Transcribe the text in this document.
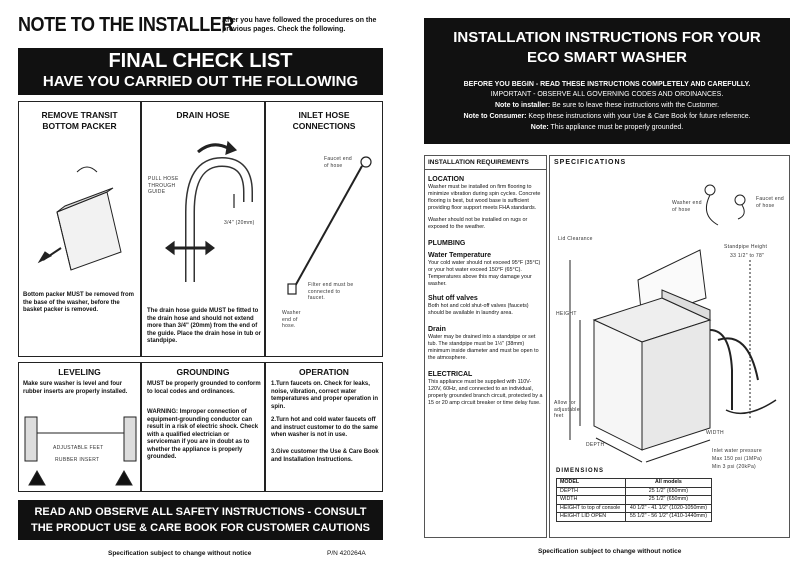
NOTE TO THE INSTALLER
After you have followed the procedures on the previous pages. Check the following.
FINAL CHECK LIST
HAVE YOU CARRIED OUT THE FOLLOWING
REMOVE TRANSIT BOTTOM PACKER
Bottom packer MUST be removed from the base of the washer, before the basket packer is removed.
DRAIN HOSE
PULL HOSE THROUGH GUIDE
3/4" (20mm)
The drain hose guide MUST be fitted to the drain hose and should not extend more than 3/4" (20mm) from the end of the guide. Place the drain hose in tub or standpipe.
INLET HOSE CONNECTIONS
Faucet end of hose
Filter end must be connected to faucet.
Washer end of hose.
LEVELING
Make sure washer is level and four rubber inserts are properly installed.
ADJUSTABLE FEET
RUBBER INSERT
GROUNDING
MUST be properly grounded to conform to local codes and ordinances.
WARNING: Improper connection of equipment-grounding conductor can result in a risk of electric shock. Check with a qualified electrician or serviceman if you are in doubt as to whether the appliance is properly grounded.
OPERATION
1.Turn faucets on. Check for leaks, noise, vibration, correct water temperatures and proper operation in spin.
2.Turn hot and cold water faucets off and instruct customer to do the same when washer is not in use.
3.Give customer the Use & Care Book and Installation Instructions.
READ AND OBSERVE ALL SAFETY INSTRUCTIONS - CONSULT
THE PRODUCT USE & CARE BOOK FOR CUSTOMER CAUTIONS
Specification subject to change without notice	P/N 420264A
INSTALLATION INSTRUCTIONS FOR YOUR
ECO SMART WASHER
BEFORE YOU BEGIN - READ THESE INSTRUCTIONS COMPLETELY AND CAREFULLY.
IMPORTANT - OBSERVE ALL GOVERNING CODES AND ORDINANCES.
Note to installer: Be sure to leave these instructions with the Customer.
Note to Consumer: Keep these instructions with your Use & Care Book for future reference.
Note: This appliance must be properly grounded.
INSTALLATION REQUIREMENTS
LOCATION
Washer must be installed on firm flooring to minimize vibration during spin cycles. Concrete flooring is best, but wood base is sufficient providing floor support meets FHA standards.
Washer should not be installed on rugs or exposed to the weather.
PLUMBING
Water Temperature
Your cold water should not exceed 95°F (35°C) or your hot water exceed 150°F (65°C). Temperatures above this may damage your washer.
Shut off valves
Both hot and cold shut-off valves (faucets) should be available in laundry area.
Drain
Water may be drained into a standpipe or set tub. The standpipe must be 1½" (38mm) minimum inside diameter and must be open to the atmosphere.
ELECTRICAL
This appliance must be supplied with 110V-120V, 60Hz, and connected to an individual, properly grounded branch circuit, protected by a 15 or 20 amp circuit breaker or time delay fuse.
SPECIFICATIONS
Washer end of hose
Faucet end of hose
Lid Clearance
Standpipe Height
33 1/2" to 78"
HEIGHT
Allow for adjustable feet
DEPTH
WIDTH
Inlet water pressure
Max 150 psi (1MPa)
Min 3 psi (20kPa)
DIMENSIONS
MODEL	All models
DEPTH	25 1/2" (650mm)
WIDTH	25 1/2" (650mm)
HEIGHT to top of console	40 1/2" - 41 1/2" (1020-1050mm)
HEIGHT LID OPEN	55 1/2" - 56 1/2" (1410-1440mm)
Specification subject to change without notice
